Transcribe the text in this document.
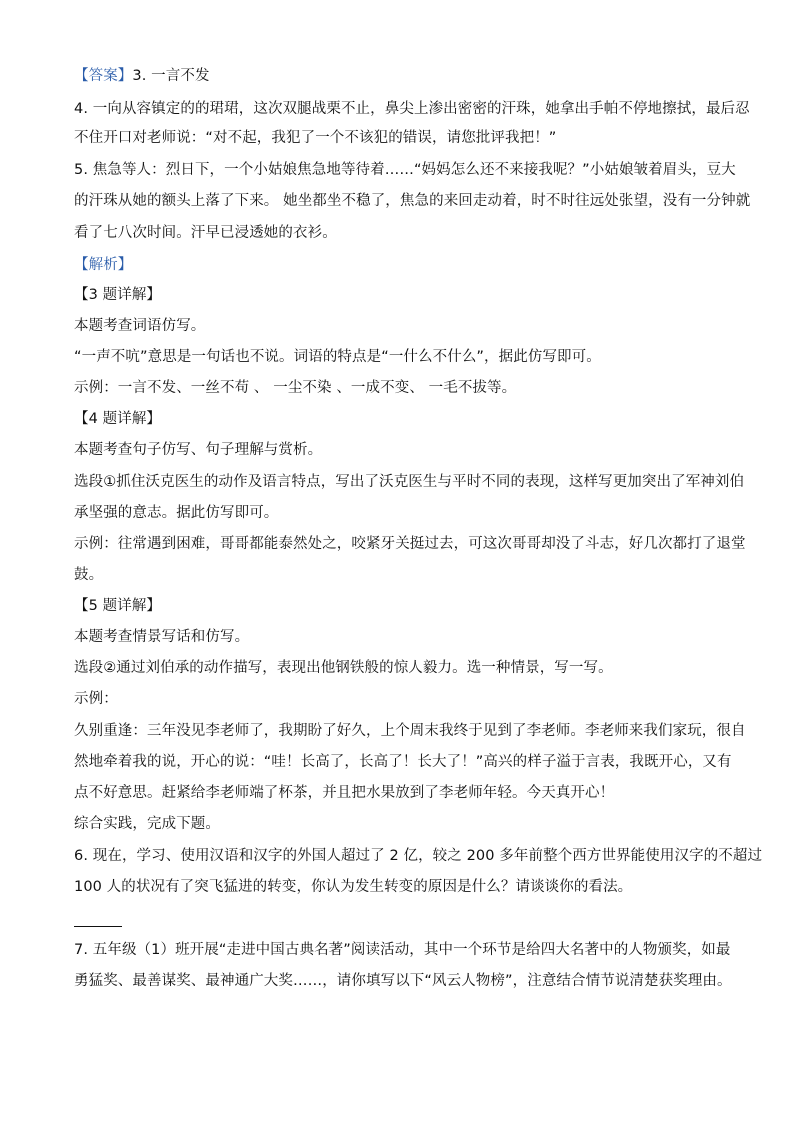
【答案】3. 一言不发
4. 一向从容镇定的的珺珺，这次双腿战栗不止，鼻尖上渗出密密的汗珠，她拿出手帕不停地擦拭，最后忍
不住开口对老师说：“对不起，我犯了一个不该犯的错误，请您批评我把！”
5. 焦急等人：烈日下，一个小姑娘焦急地等待着……“妈妈怎么还不来接我呢？”小姑娘皱着眉头，豆大
的汗珠从她的额头上落了下来。 她坐都坐不稳了，焦急的来回走动着，时不时往远处张望，没有一分钟就
看了七八次时间。汗早已浸透她的衣衫。
【解析】
【3 题详解】
本题考查词语仿写。
“一声不吭”意思是一句话也不说。词语的特点是“一什么不什么”，据此仿写即可。
示例：一言不发、一丝不苟 、 一尘不染 、一成不变、 一毛不拔等。
【4 题详解】
本题考查句子仿写、句子理解与赏析。
选段①抓住沃克医生的动作及语言特点，写出了沃克医生与平时不同的表现，这样写更加突出了军神刘伯
承坚强的意志。据此仿写即可。
示例：往常遇到困难，哥哥都能泰然处之，咬紧牙关挺过去，可这次哥哥却没了斗志，好几次都打了退堂
鼓。
【5 题详解】
本题考查情景写话和仿写。
选段②通过刘伯承的动作描写，表现出他钢铁般的惊人毅力。选一种情景，写一写。
示例：
久别重逢：三年没见李老师了，我期盼了好久，上个周末我终于见到了李老师。李老师来我们家玩，很自
然地牵着我的说，开心的说：“哇！长高了，长高了！长大了！”高兴的样子溢于言表，我既开心，又有
点不好意思。赶紧给李老师端了杯茶，并且把水果放到了李老师年轻。今天真开心！
综合实践，完成下题。
6. 现在，学习、使用汉语和汉字的外国人超过了 2 亿，较之 200 多年前整个西方世界能使用汉字的不超过
100 人的状况有了突飞猛进的转变，你认为发生转变的原因是什么？请谈谈你的看法。
7. 五年级（1）班开展“走进中国古典名著”阅读活动，其中一个环节是给四大名著中的人物颁奖，如最
勇猛奖、最善谋奖、最神通广大奖……，请你填写以下“风云人物榜”，注意结合情节说清楚获奖理由。
